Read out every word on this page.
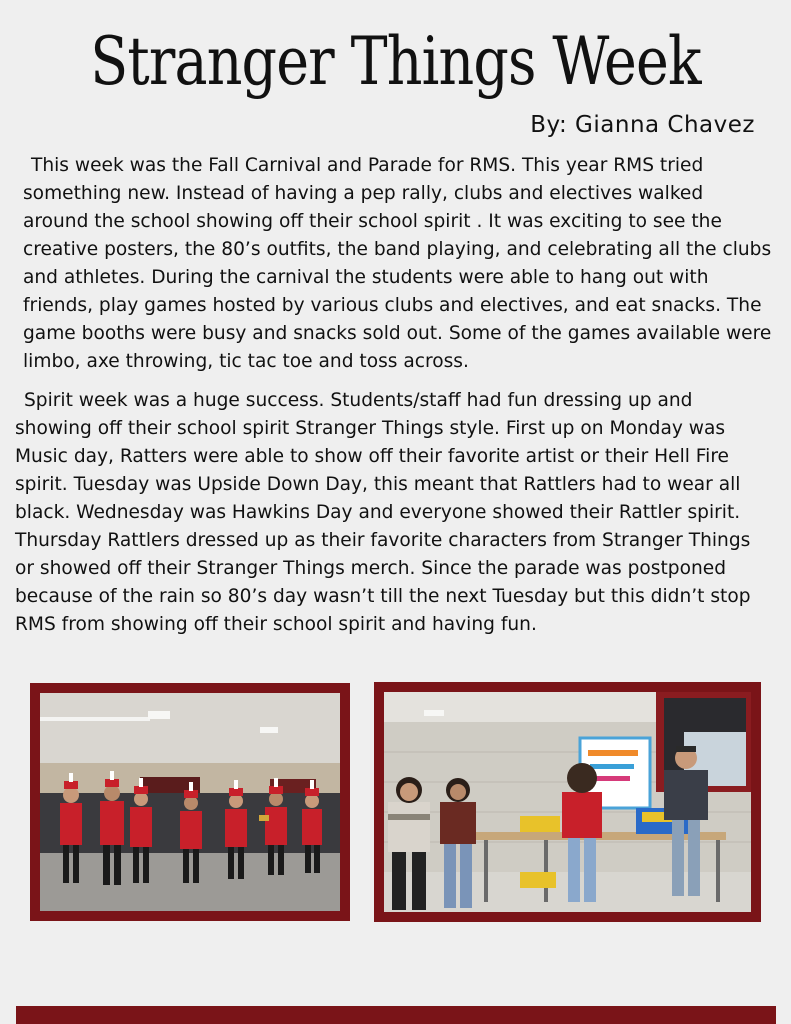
Stranger Things Week
By: Gianna Chavez

This week was the Fall Carnival and Parade for RMS. This year RMS tried something new. Instead of having a pep rally, clubs and electives walked around the school showing off their school spirit . It was exciting to see the creative posters, the 80’s outfits, the band playing, and celebrating all the clubs and athletes. During the carnival the students were able to hang out with friends, play games hosted by various clubs and electives, and eat snacks. The game booths were busy and snacks sold out. Some of the games available were limbo, axe throwing, tic tac toe and toss across.

Spirit week was a huge success. Students/staff had fun dressing up and showing off their school spirit Stranger Things style. First up on Monday was Music day, Ratters were able to show off their favorite artist or their Hell Fire spirit. Tuesday was Upside Down Day, this meant that Rattlers had to wear all black. Wednesday was Hawkins Day and everyone showed their Rattler spirit. Thursday Rattlers dressed up as their favorite characters from Stranger Things or showed off their Stranger Things merch. Since the parade was postponed because of the rain so 80’s day wasn’t till the next Tuesday but this didn’t stop RMS from showing off their school spirit and having fun.
